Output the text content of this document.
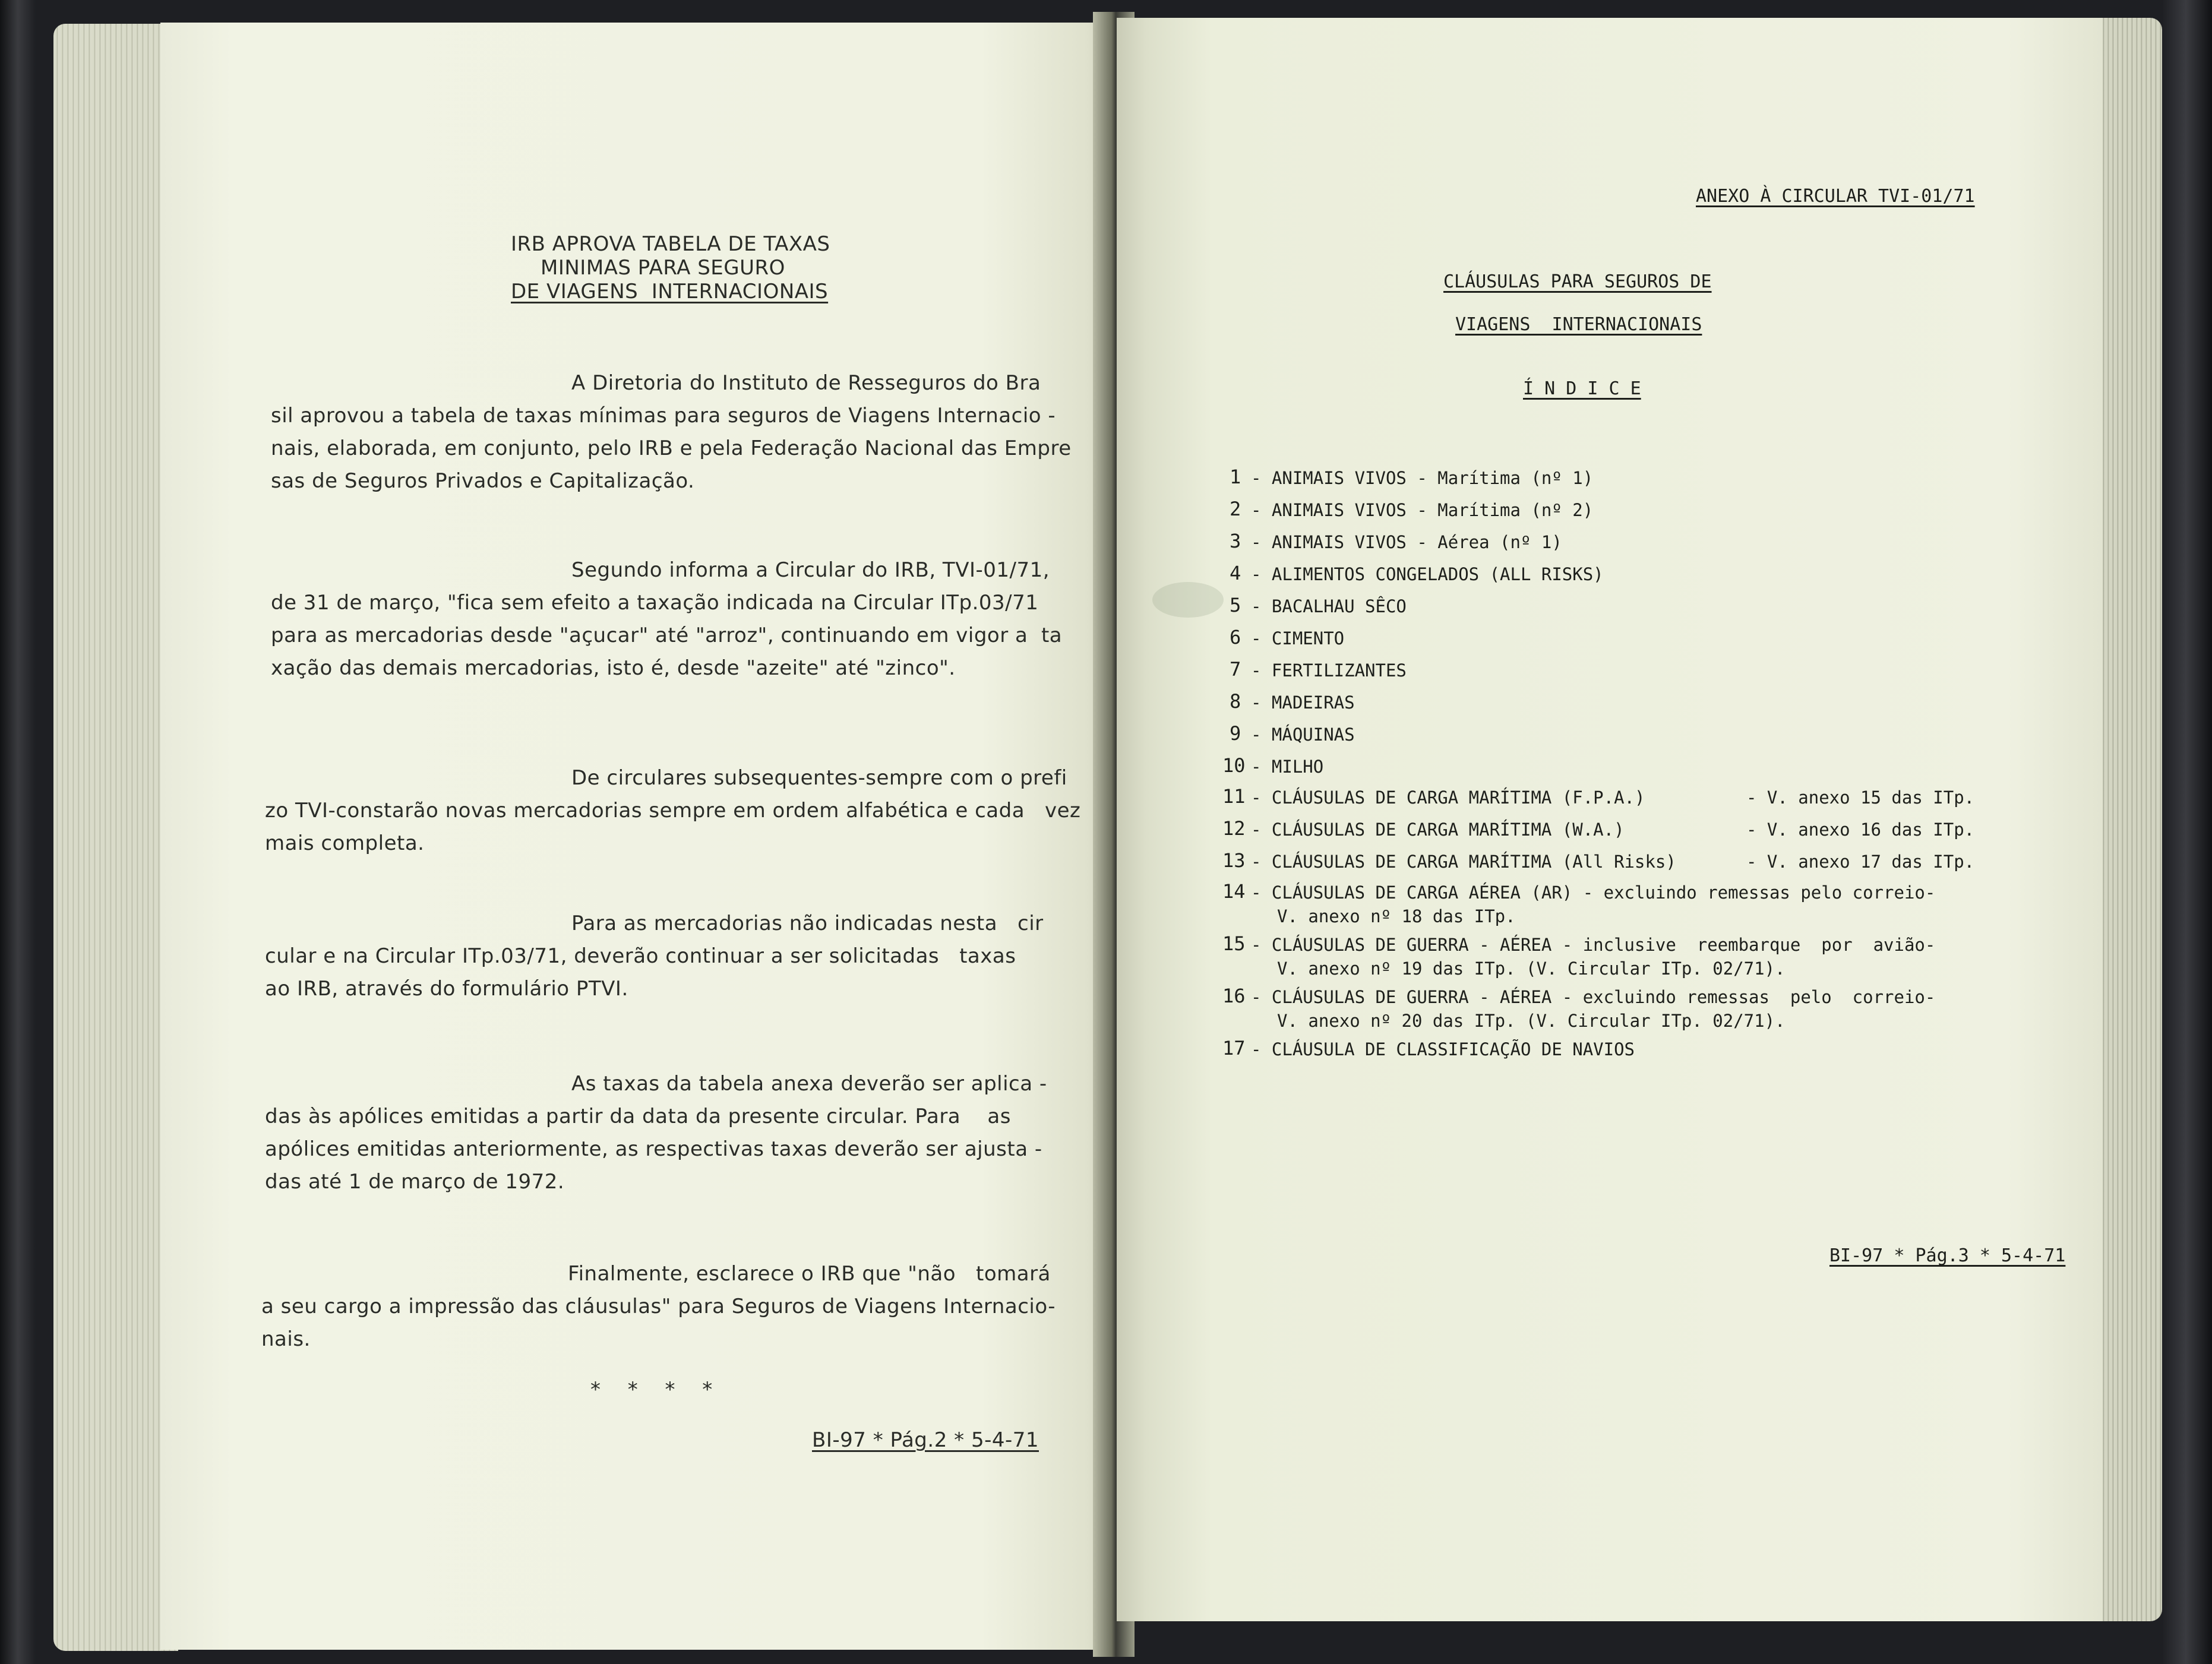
IRB APROVA TABELA DE TAXAS
MINIMAS PARA SEGURO
DE VIAGENS  INTERNACIONAIS
A Diretoria do Instituto de Resseguros do Bra
sil aprovou a tabela de taxas mínimas para seguros de Viagens Internacio -
nais, elaborada, em conjunto, pelo IRB e pela Federação Nacional das Empre
sas de Seguros Privados e Capitalização.
Segundo informa a Circular do IRB, TVI-01/71,
de 31 de março, "fica sem efeito a taxação indicada na Circular ITp.03/71
para as mercadorias desde "açucar" até "arroz", continuando em vigor a  ta
xação das demais mercadorias, isto é, desde "azeite" até "zinco".
De circulares subsequentes-sempre com o prefi
zo TVI-constarão novas mercadorias sempre em ordem alfabética e cada   vez
mais completa.
Para as mercadorias não indicadas nesta   cir
cular e na Circular ITp.03/71, deverão continuar a ser solicitadas   taxas
ao IRB, através do formulário PTVI.
As taxas da tabela anexa deverão ser aplica -
das às apólices emitidas a partir da data da presente circular. Para    as
apólices emitidas anteriormente, as respectivas taxas deverão ser ajusta -
das até 1 de março de 1972.
Finalmente, esclarece o IRB que "não   tomará
a seu cargo a impressão das cláusulas" para Seguros de Viagens Internacio-
nais.
*    *    *    *
BI-97 * Pág.2 * 5-4-71
ANEXO À CIRCULAR TVI-01/71
CLÁUSULAS PARA SEGUROS DE
VIAGENS  INTERNACIONAIS
Í N D I C E
1 - ANIMAIS VIVOS - Marítima (nº 1)
2 - ANIMAIS VIVOS - Marítima (nº 2)
3 - ANIMAIS VIVOS - Aérea (nº 1)
4 - ALIMENTOS CONGELADOS (ALL RISKS)
5 - BACALHAU SÊCO
6 - CIMENTO
7 - FERTILIZANTES
8 - MADEIRAS
9 - MÁQUINAS
10 - MILHO
11 - CLÁUSULAS DE CARGA MARÍTIMA (F.P.A.)	- V. anexo 15 das ITp.
12 - CLÁUSULAS DE CARGA MARÍTIMA (W.A.)	- V. anexo 16 das ITp.
13 - CLÁUSULAS DE CARGA MARÍTIMA (All Risks)	- V. anexo 17 das ITp.
14 - CLÁUSULAS DE CARGA AÉREA (AR) - excluindo remessas pelo correio-
V. anexo nº 18 das ITp.
15 - CLÁUSULAS DE GUERRA - AÉREA - inclusive  reembarque  por  avião-
V. anexo nº 19 das ITp. (V. Circular ITp. 02/71).
16 - CLÁUSULAS DE GUERRA - AÉREA - excluindo remessas  pelo  correio-
V. anexo nº 20 das ITp. (V. Circular ITp. 02/71).
17 - CLÁUSULA DE CLASSIFICAÇÃO DE NAVIOS
BI-97 * Pág.3 * 5-4-71
